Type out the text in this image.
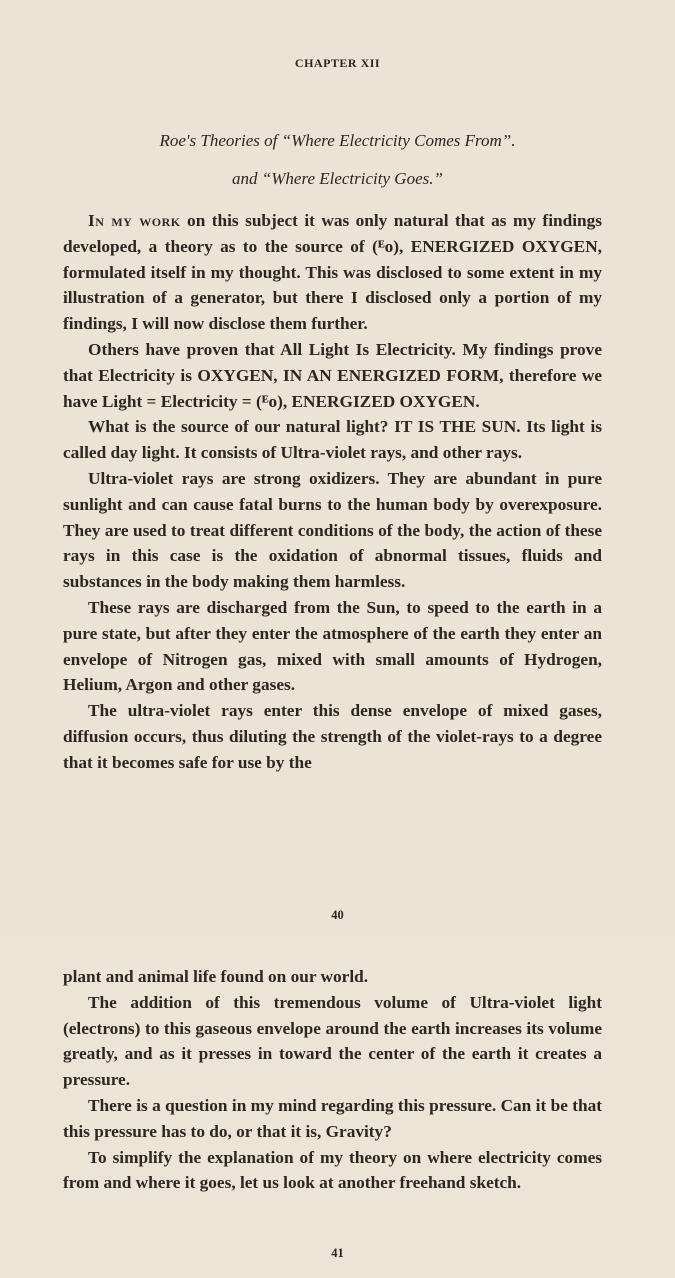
CHAPTER XII
Roe's Theories of “Where Electricity Comes From”.
and “Where Electricity Goes.”

In my work on this subject it was only natural that as my findings developed, a theory as to the source of (ᴱo), ENERGIZED OXYGEN, formulated itself in my thought. This was disclosed to some extent in my illustration of a generator, but there I disclosed only a portion of my findings, I will now disclose them further.

Others have proven that All Light Is Electricity. My findings prove that Electricity is OXYGEN, IN AN ENERGIZED FORM, therefore we have Light = Electricity = (ᴱo), ENERGIZED OXYGEN.

What is the source of our natural light? IT IS THE SUN. Its light is called day light. It consists of Ultra-violet rays, and other rays.

Ultra-violet rays are strong oxidizers. They are abundant in pure sunlight and can cause fatal burns to the human body by overexposure. They are used to treat different conditions of the body, the action of these rays in this case is the oxidation of abnormal tissues, fluids and substances in the body making them harmless.

These rays are discharged from the Sun, to speed to the earth in a pure state, but after they enter the atmosphere of the earth they enter an envelope of Nitrogen gas, mixed with small amounts of Hydrogen, Helium, Argon and other gases.

The ultra-violet rays enter this dense envelope of mixed gases, diffusion occurs, thus diluting the strength of the violet-rays to a degree that it becomes safe for use by the

40

plant and animal life found on our world.

The addition of this tremendous volume of Ultra-violet light (electrons) to this gaseous envelope around the earth increases its volume greatly, and as it presses in toward the center of the earth it creates a pressure.

There is a question in my mind regarding this pressure. Can it be that this pressure has to do, or that it is, Gravity?

To simplify the explanation of my theory on where electricity comes from and where it goes, let us look at another freehand sketch.

41
